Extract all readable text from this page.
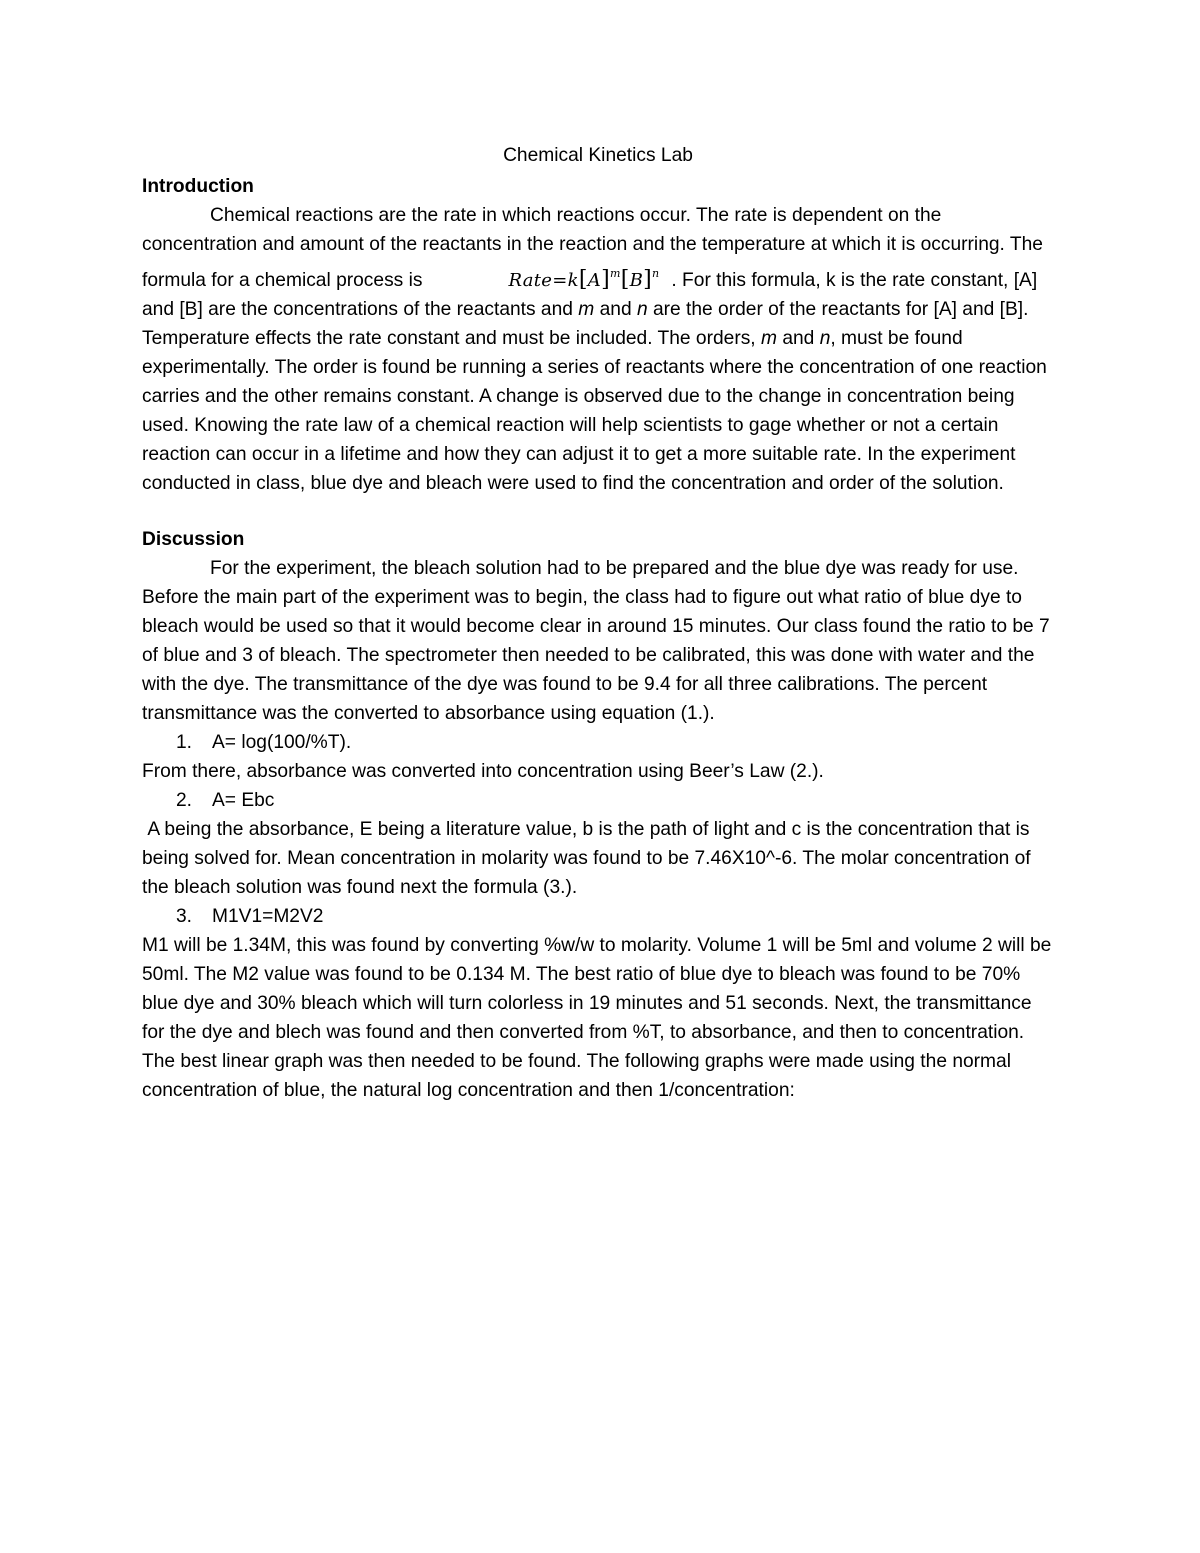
Chemical Kinetics Lab
Introduction

Chemical reactions are the rate in which reactions occur. The rate is dependent on the concentration and amount of the reactants in the reaction and the temperature at which it is occurring. The formula for a chemical process is	$Rate=k[A]^m[B]^n$ . For this formula, k is the rate constant, [A] and [B] are the concentrations of the reactants and m and n are the order of the reactants for [A] and [B]. Temperature effects the rate constant and must be included. The orders, m and n, must be found experimentally. The order is found be running a series of reactants where the concentration of one reaction carries and the other remains constant. A change is observed due to the change in concentration being used. Knowing the rate law of a chemical reaction will help scientists to gage whether or not a certain reaction can occur in a lifetime and how they can adjust it to get a more suitable rate. In the experiment conducted in class, blue dye and bleach were used to find the concentration and order of the solution.

Discussion

For the experiment, the bleach solution had to be prepared and the blue dye was ready for use. Before the main part of the experiment was to begin, the class had to figure out what ratio of blue dye to bleach would be used so that it would become clear in around 15 minutes. Our class found the ratio to be 7 of blue and 3 of bleach. The spectrometer then needed to be calibrated, this was done with water and the with the dye. The transmittance of the dye was found to be 9.4 for all three calibrations. The percent transmittance was the converted to absorbance using equation (1.).

1. A= log(100/%T).

From there, absorbance was converted into concentration using Beer’s Law (2.).

2. A= Ebc

A being the absorbance, E being a literature value, b is the path of light and c is the concentration that is being solved for. Mean concentration in molarity was found to be 7.46X10^-6. The molar concentration of the bleach solution was found next the formula (3.).

3. M1V1=M2V2

M1 will be 1.34M, this was found by converting %w/w to molarity. Volume 1 will be 5ml and volume 2 will be 50ml. The M2 value was found to be 0.134 M. The best ratio of blue dye to bleach was found to be 70% blue dye and 30% bleach which will turn colorless in 19 minutes and 51 seconds. Next, the transmittance for the dye and blech was found and then converted from %T, to absorbance, and then to concentration. The best linear graph was then needed to be found. The following graphs were made using the normal concentration of blue, the natural log concentration and then 1/concentration:
